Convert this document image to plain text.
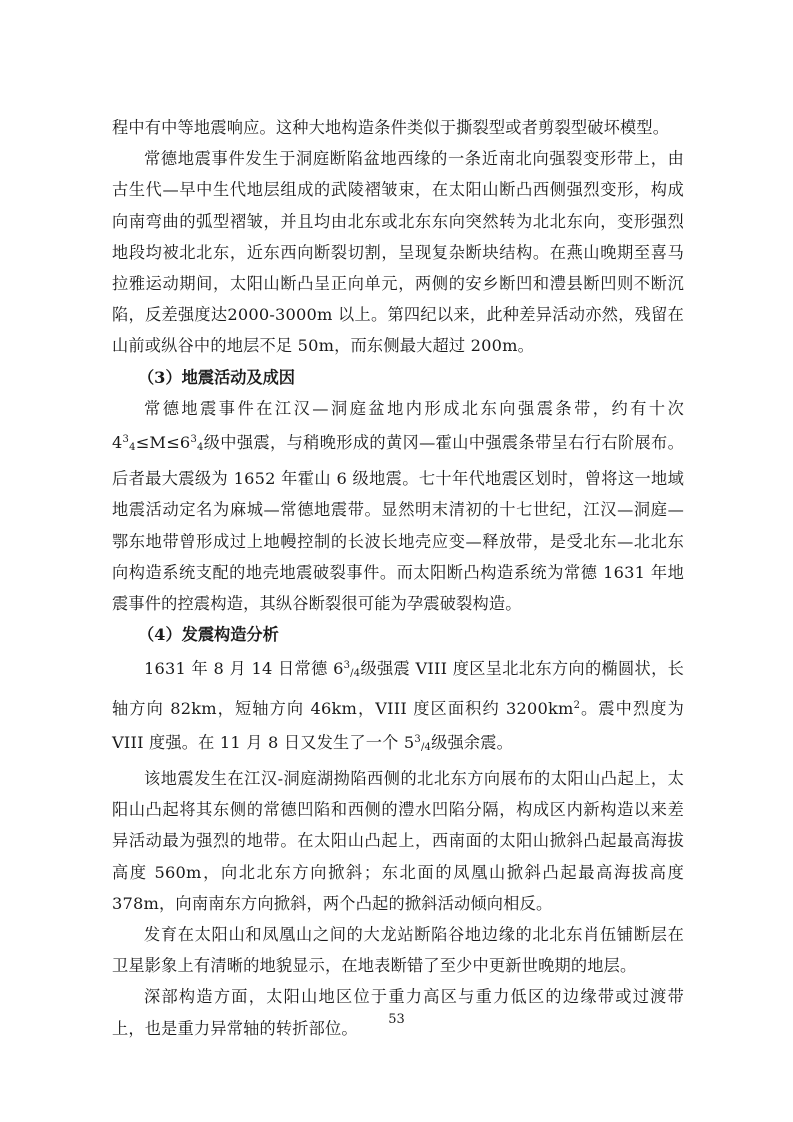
程中有中等地震响应。这种大地构造条件类似于撕裂型或者剪裂型破坏模型。

常德地震事件发生于洞庭断陷盆地西缘的一条近南北向强裂变形带上，由古生代—早中生代地层组成的武陵褶皱束，在太阳山断凸西侧强烈变形，构成向南弯曲的弧型褶皱，并且均由北东或北东东向突然转为北北东向，变形强烈地段均被北北东，近东西向断裂切割，呈现复杂断块结构。在燕山晚期至喜马拉雅运动期间，太阳山断凸呈正向单元，两侧的安乡断凹和澧县断凹则不断沉陷，反差强度达2000-3000m 以上。第四纪以来，此种差异活动亦然，残留在山前或纵谷中的地层不足 50m，而东侧最大超过 200m。

（3）地震活动及成因

常德地震事件在江汉—洞庭盆地内形成北东向强震条带，约有十次 $4^3_4\le M\le 6^3_4$级中强震，与稍晚形成的黄冈—霍山中强震条带呈右行右阶展布。后者最大震级为 1652 年霍山 6 级地震。七十年代地震区划时，曾将这一地域地震活动定名为麻城—常德地震带。显然明末清初的十七世纪，江汉—洞庭—鄂东地带曾形成过上地幔控制的长波长地壳应变—释放带，是受北东—北北东向构造系统支配的地壳地震破裂事件。而太阳断凸构造系统为常德 1631 年地震事件的控震构造，其纵谷断裂很可能为孕震破裂构造。

（4）发震构造分析

1631 年 8 月 14 日常德 $6^3_{/4}$级强震 VIII 度区呈北北东方向的椭圆状，长轴方向 82km，短轴方向 46km，VIII 度区面积约 $3200km^2$。震中烈度为 VIII 度强。在 11 月 8 日又发生了一个 $5^3_{/4}$级强余震。

该地震发生在江汉-洞庭湖拗陷西侧的北北东方向展布的太阳山凸起上，太阳山凸起将其东侧的常德凹陷和西侧的澧水凹陷分隔，构成区内新构造以来差异活动最为强烈的地带。在太阳山凸起上，西南面的太阳山掀斜凸起最高海拔高度 560m，向北北东方向掀斜；东北面的凤凰山掀斜凸起最高海拔高度 378m，向南南东方向掀斜，两个凸起的掀斜活动倾向相反。

发育在太阳山和凤凰山之间的大龙站断陷谷地边缘的北北东肖伍铺断层在卫星影象上有清晰的地貌显示，在地表断错了至少中更新世晚期的地层。

深部构造方面，太阳山地区位于重力高区与重力低区的边缘带或过渡带上，也是重力异常轴的转折部位。	53
